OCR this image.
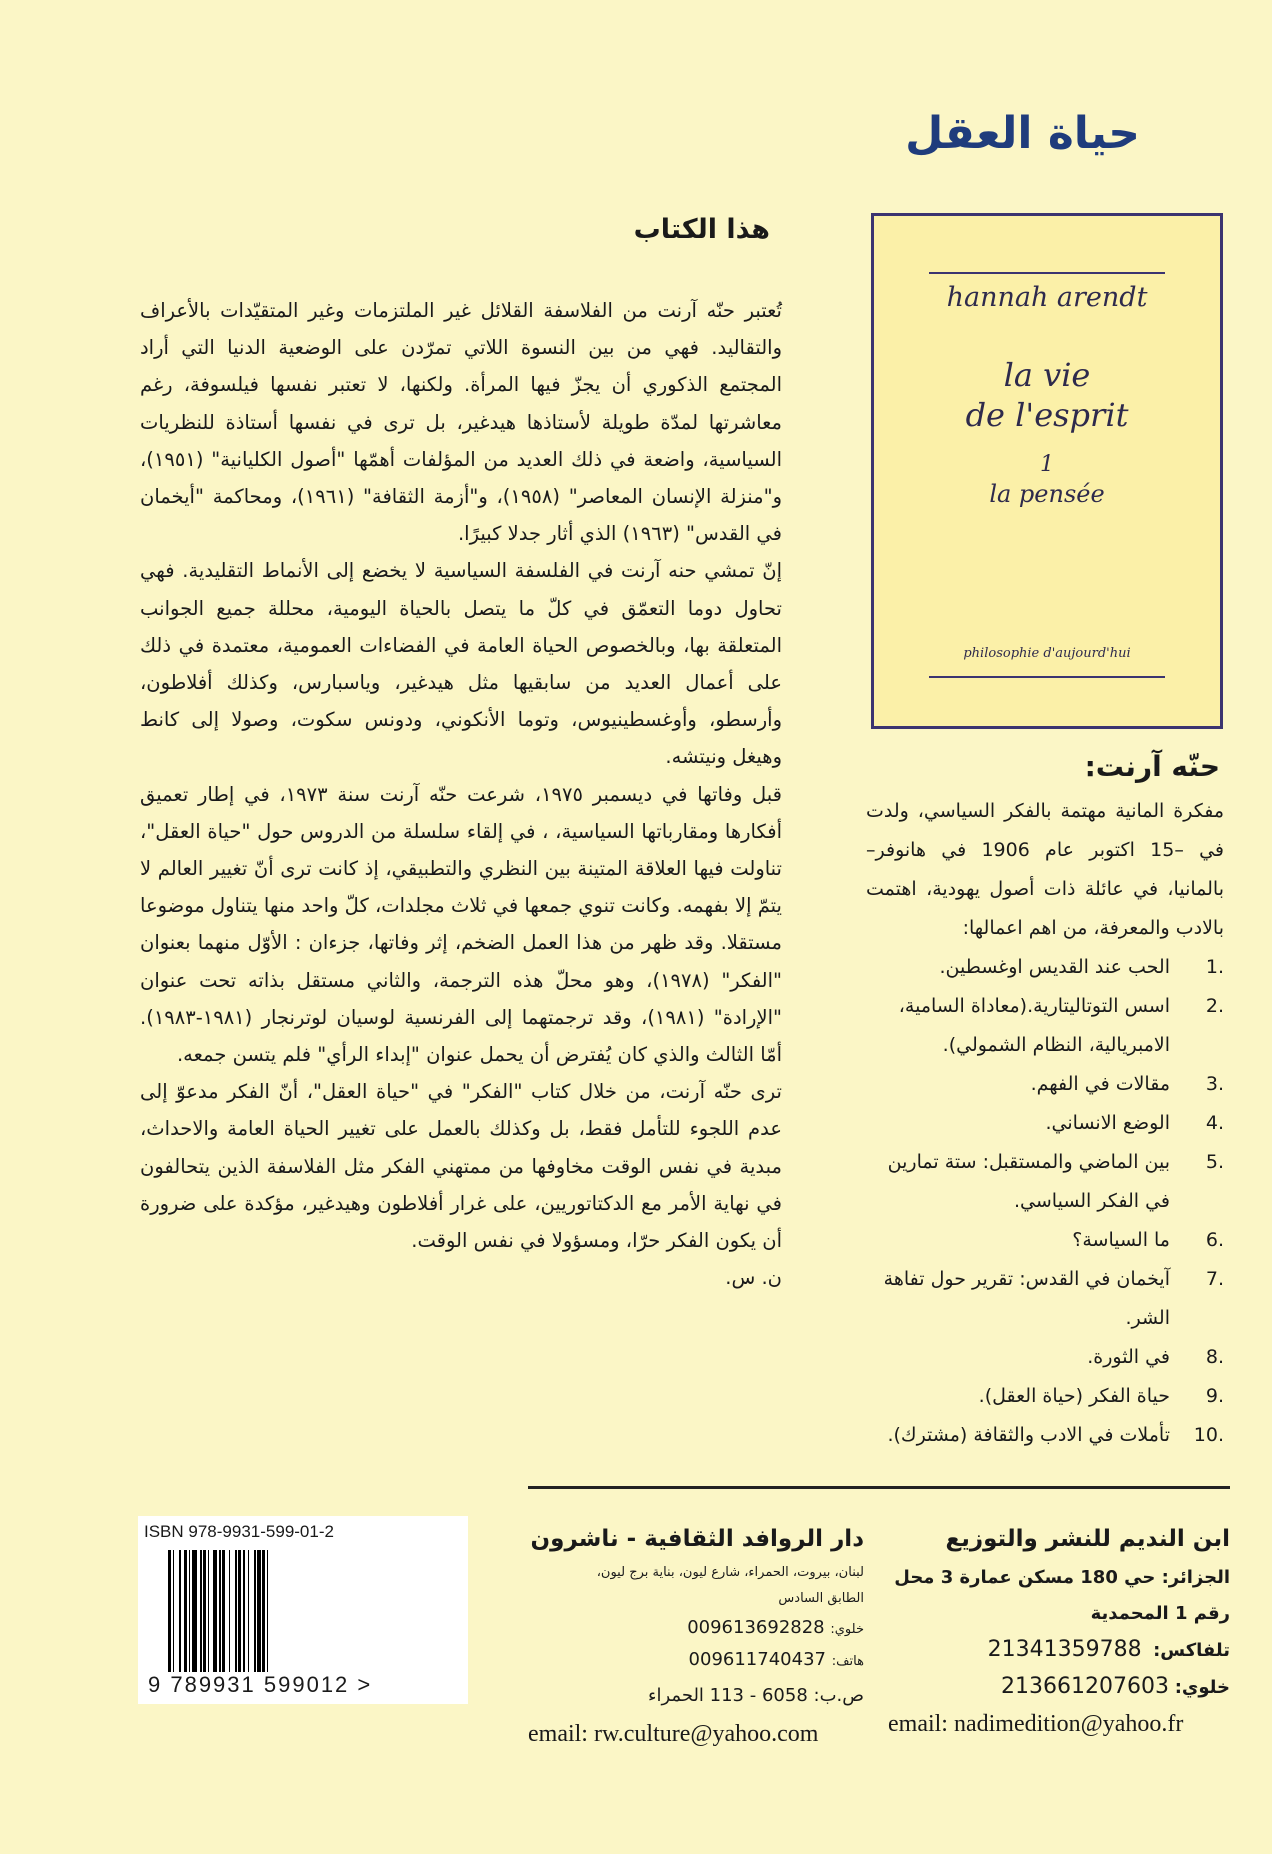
حياة العقل
هذا الكتاب

تُعتبر حنّه آرنت من الفلاسفة القلائل غير الملتزمات وغير المتقيّدات بالأعراف والتقاليد. فهي من بين النسوة اللاتي تمرّدن على الوضعية الدنيا التي أراد المجتمع الذكوري أن يجزّ فيها المرأة. ولكنها، لا تعتبر نفسها فيلسوفة، رغم معاشرتها لمدّة طويلة لأستاذها هيدغير، بل ترى في نفسها أستاذة للنظريات السياسية، واضعة في ذلك العديد من المؤلفات أهمّها "أصول الكليانية" (١٩٥١)، و"منزلة الإنسان المعاصر" (١٩٥٨)، و"أزمة الثقافة" (١٩٦١)، ومحاكمة "أيخمان في القدس" (١٩٦٣) الذي أثار جدلا كبيرًا.

إنّ تمشي حنه آرنت في الفلسفة السياسية لا يخضع إلى الأنماط التقليدية. فهي تحاول دوما التعمّق في كلّ ما يتصل بالحياة اليومية، محللة جميع الجوانب المتعلقة بها، وبالخصوص الحياة العامة في الفضاءات العمومية، معتمدة في ذلك على أعمال العديد من سابقيها مثل هيدغير، وياسبارس، وكذلك أفلاطون، وأرسطو، وأوغسطينيوس، وتوما الأنكوني، ودونس سكوت، وصولا إلى كانط وهيغل ونيتشه.

قبل وفاتها في ديسمبر ١٩٧٥، شرعت حنّه آرنت سنة ١٩٧٣، في إطار تعميق أفكارها ومقارباتها السياسية، ، في إلقاء سلسلة من الدروس حول "حياة العقل"، تناولت فيها العلاقة المتينة بين النظري والتطبيقي، إذ كانت ترى أنّ تغيير العالم لا يتمّ إلا بفهمه. وكانت تنوي جمعها في ثلاث مجلدات، كلّ واحد منها يتناول موضوعا مستقلا. وقد ظهر من هذا العمل الضخم، إثر وفاتها، جزءان : الأوّل منهما بعنوان "الفكر" (١٩٧٨)، وهو محلّ هذه الترجمة، والثاني مستقل بذاته تحت عنوان "الإرادة" (١٩٨١)، وقد ترجمتهما إلى الفرنسية لوسيان لوترنجار (١٩٨١-١٩٨٣). أمّا الثالث والذي كان يُفترض أن يحمل عنوان "إبداء الرأي" فلم يتسن جمعه.

ترى حنّه آرنت، من خلال كتاب "الفكر" في "حياة العقل"، أنّ الفكر مدعوّ إلى عدم اللجوء للتأمل فقط، بل وكذلك بالعمل على تغيير الحياة العامة والاحداث، مبدية في نفس الوقت مخاوفها من ممتهني الفكر مثل الفلاسفة الذين يتحالفون في نهاية الأمر مع الدكتاتوريين، على غرار أفلاطون وهيدغير، مؤكدة على ضرورة أن يكون الفكر حرّا، ومسؤولا في نفس الوقت.

ن. س.

hannah arendt
la vie
de l'esprit
1
la pensée
philosophie d'aujourd'hui
حنّه آرنت:

مفكرة المانية مهتمة بالفكر السياسي، ولدت في –15 اكتوبر عام 1906 في هانوفر– بالمانيا، في عائلة ذات أصول يهودية، اهتمت بالادب والمعرفة، من اهم اعمالها:

1.
الحب عند القديس اوغسطين.
2.
اسس التوتاليتارية.(معاداة السامية، الامبريالية، النظام الشمولي).
3.
مقالات في الفهم.
4.
الوضع الانساني.
5.
بين الماضي والمستقبل: ستة تمارين في الفكر السياسي.
6.
ما السياسة؟
7.
آيخمان في القدس: تقرير حول تفاهة الشر.
8.
في الثورة.
9.
حياة الفكر (حياة العقل).
10.
تأملات في الادب والثقافة (مشترك).
ISBN 978-9931-599-01-2
9 789931 599012 >
دار الروافد الثقافية - ناشرون
لبنان، بيروت، الحمراء، شارع ليون، بناية برج ليون،
الطابق السادس
خلوي: 009613692828
هاتف: 009611740437
ص.ب: 6058 - 113 الحمراء
email: rw.culture@yahoo.com
ابن النديم للنشر والتوزيع
الجزائر: حي 180 مسكن عمارة 3 محل
رقم 1 المحمدية
تلفاكس:  21341359788
خلوي: 213661207603
email: nadimedition@yahoo.fr
